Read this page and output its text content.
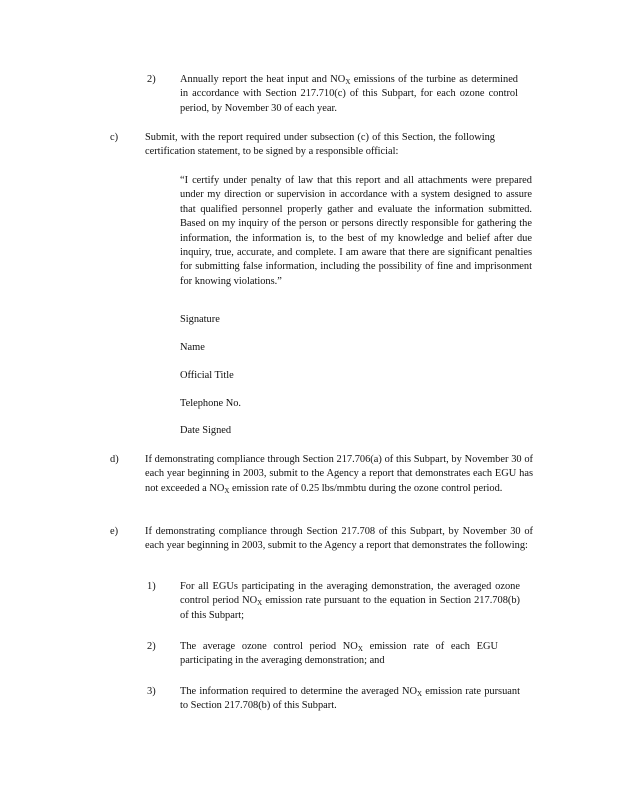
2) Annually report the heat input and NOX emissions of the turbine as determined in accordance with Section 217.710(c) of this Subpart, for each ozone control period, by November 30 of each year.
c)	Submit, with the report required under subsection (c) of this Section, the following certification statement, to be signed by a responsible official:
“I certify under penalty of law that this report and all attachments were prepared under my direction or supervision in accordance with a system designed to assure that qualified personnel properly gather and evaluate the information submitted. Based on my inquiry of the person or persons directly responsible for gathering the information, the information is, to the best of my knowledge and belief after due inquiry, true, accurate, and complete. I am aware that there are significant penalties for submitting false information, including the possibility of fine and imprisonment for knowing violations.”
Signature
Name
Official Title
Telephone No.
Date Signed
d)	If demonstrating compliance through Section 217.706(a) of this Subpart, by November 30 of each year beginning in 2003, submit to the Agency a report that demonstrates each EGU has not exceeded a NOX emission rate of 0.25 lbs/mmbtu during the ozone control period.
e)	If demonstrating compliance through Section 217.708 of this Subpart, by November 30 of each year beginning in 2003, submit to the Agency a report that demonstrates the following:
1) For all EGUs participating in the averaging demonstration, the averaged ozone control period NOX emission rate pursuant to the equation in Section 217.708(b) of this Subpart;
2) The average ozone control period NOX emission rate of each EGU participating in the averaging demonstration; and
3) The information required to determine the averaged NOX emission rate pursuant to Section 217.708(b) of this Subpart.
